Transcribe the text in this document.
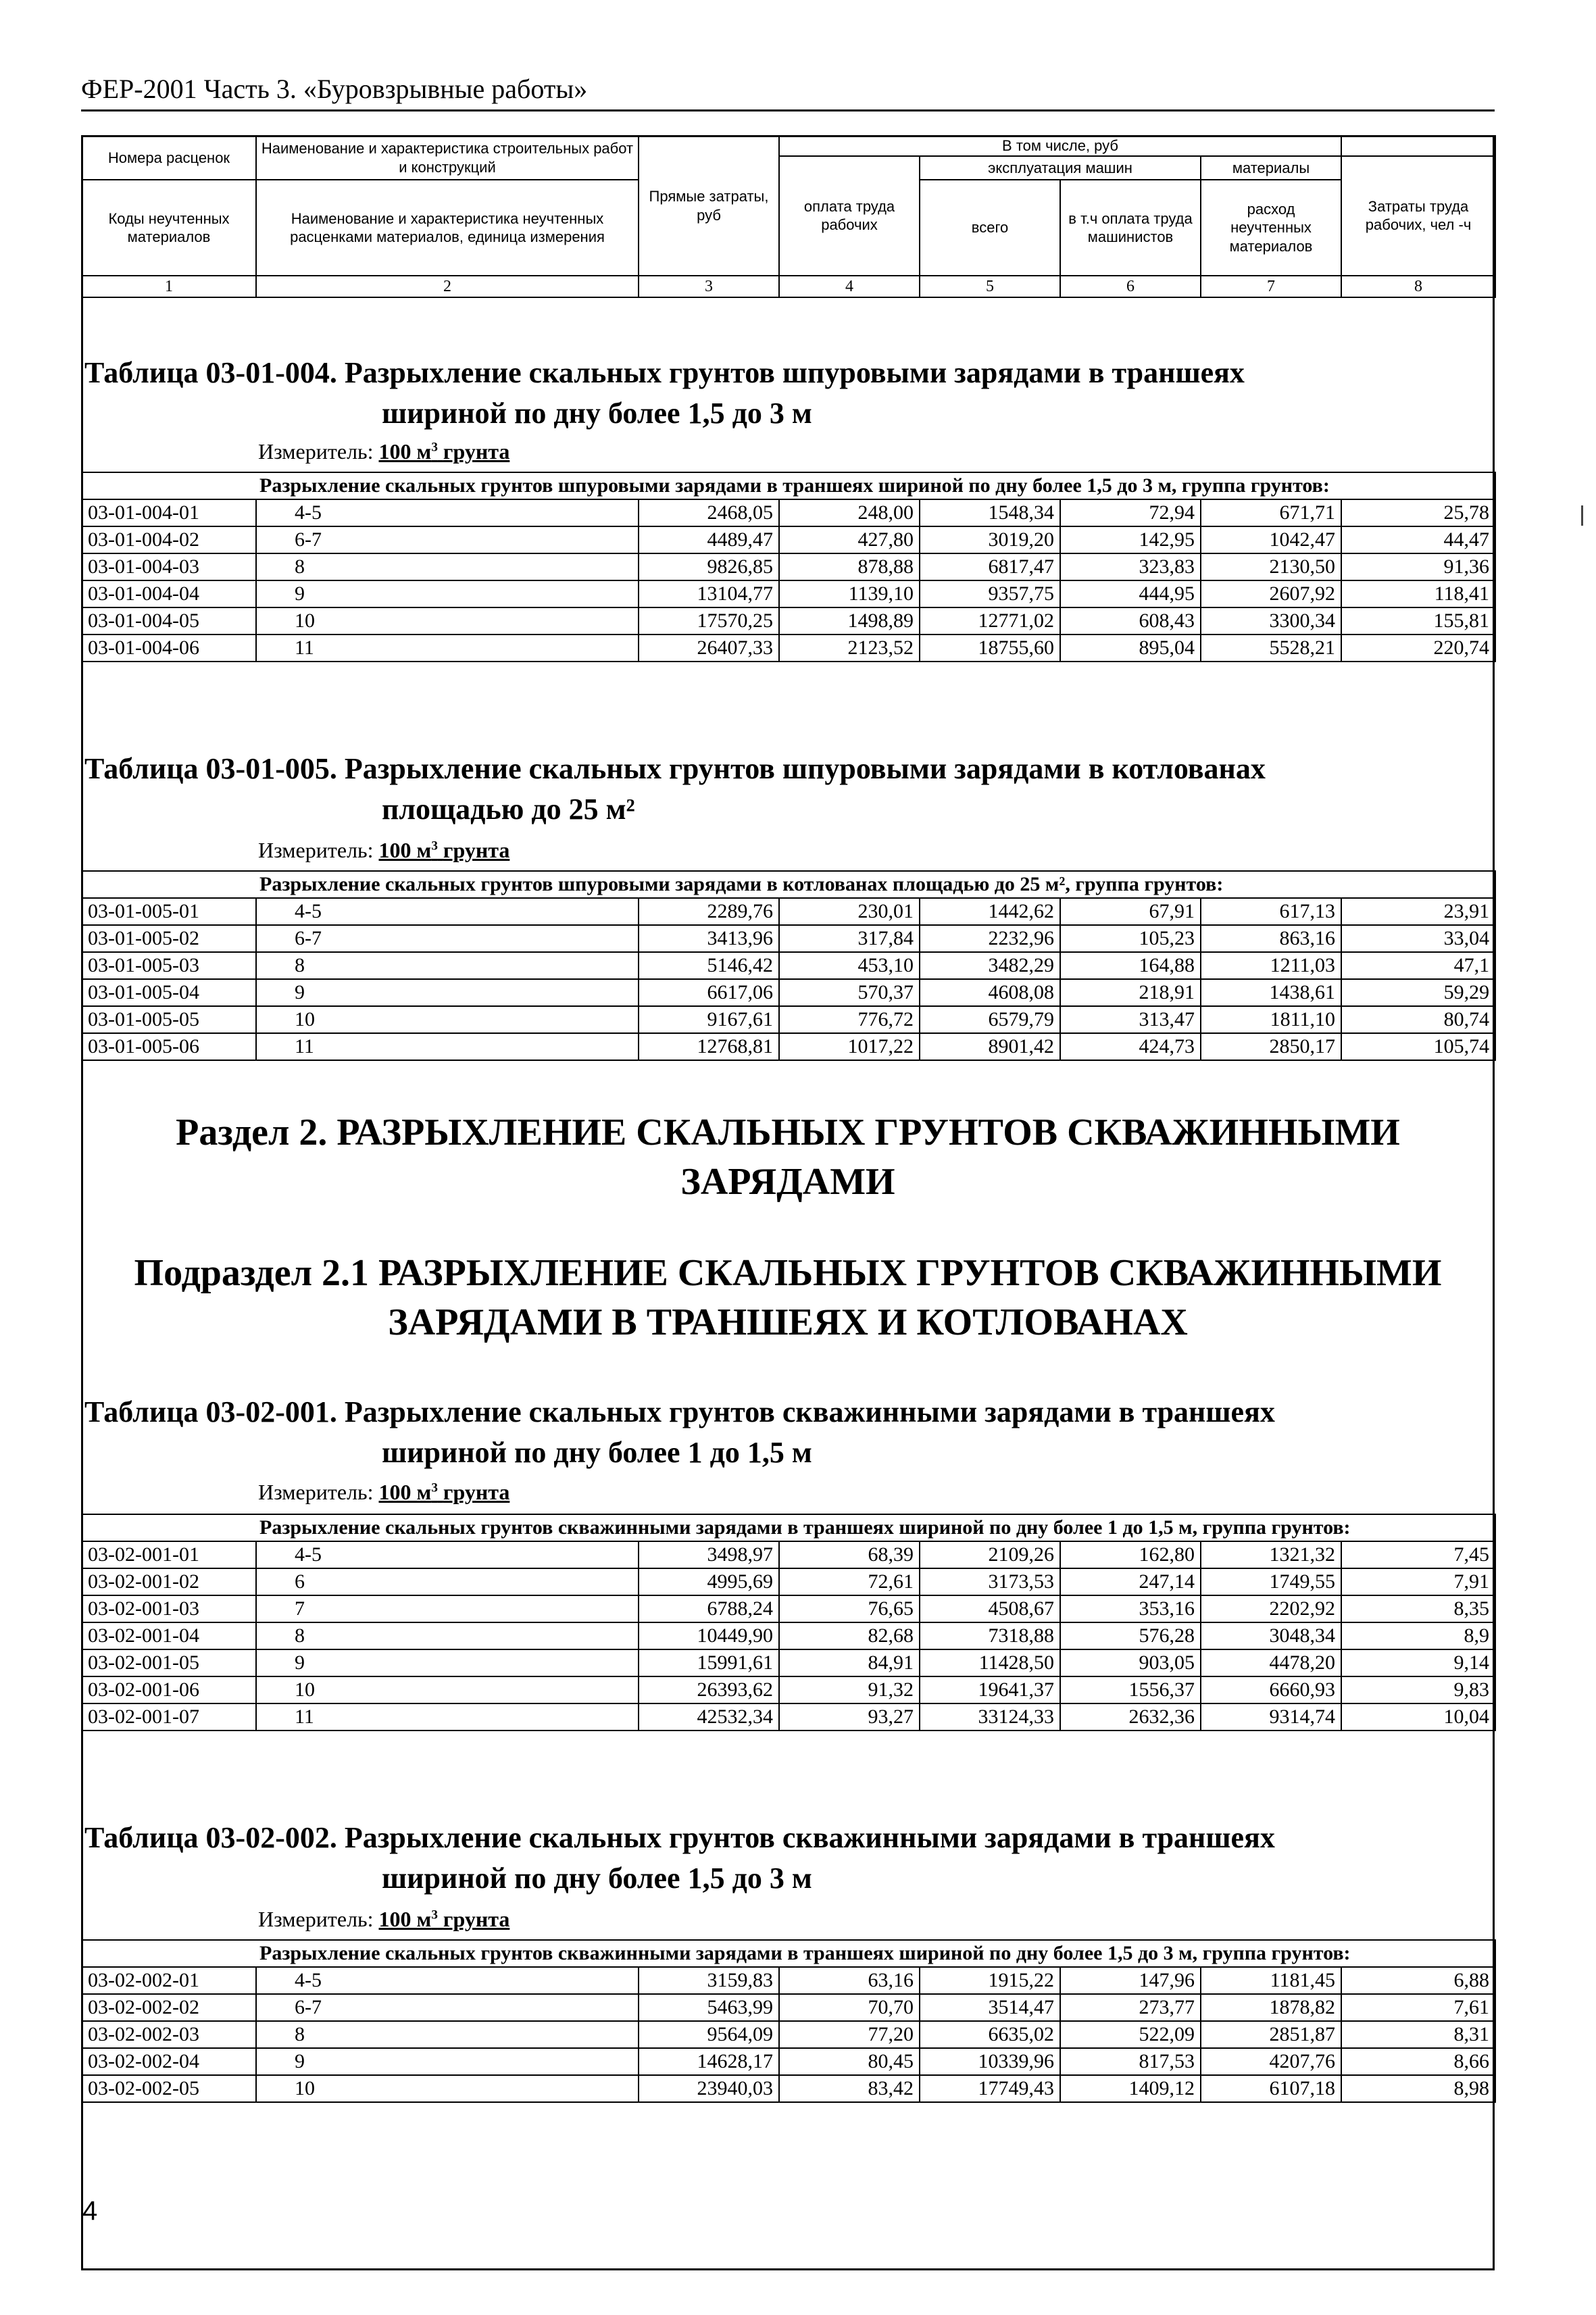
ФЕР-2001 Часть 3. «Буровзрывные работы»
Номера расценок	Наименование и характеристика строительных работ и конструкций	Прямые затраты, руб	В том числе, руб				
			оплата труда рабочих	эксплуатация машин		материалы	Затраты труда рабочих, чел -ч
Коды неучтенных материалов	Наименование и характеристика неучтенных расценками материалов, единица измерения			всего	в т.ч оплата труда машинистов	расход неучтенных материалов	

1	2	3	4	5	6	7	8
Таблица 03-01-004. Разрыхление скальных грунтов шпуровыми зарядами в траншеях
шириной по дну более 1,5 до 3 м
Измеритель: 100 $м^3$ грунта
Разрыхление скальных грунтов шпуровыми зарядами в траншеях шириной по дну более 1,5 до 3 м, группа грунтов:							
03-01-004-01	4-5	2468,05	248,00	1548,34	72,94	671,71	25,78
03-01-004-02	6-7	4489,47	427,80	3019,20	142,95	1042,47	44,47
03-01-004-03	8	9826,85	878,88	6817,47	323,83	2130,50	91,36
03-01-004-04	9	13104,77	1139,10	9357,75	444,95	2607,92	118,41
03-01-004-05	10	17570,25	1498,89	12771,02	608,43	3300,34	155,81
03-01-004-06	11	26407,33	2123,52	18755,60	895,04	5528,21	220,74
Таблица 03-01-005. Разрыхление скальных грунтов шпуровыми зарядами в котлованах
площадью до 25 м²
Измеритель: 100 $м^3$ грунта
Разрыхление скальных грунтов шпуровыми зарядами в котлованах площадью до 25 м², группа грунтов:							
03-01-005-01	4-5	2289,76	230,01	1442,62	67,91	617,13	23,91
03-01-005-02	6-7	3413,96	317,84	2232,96	105,23	863,16	33,04
03-01-005-03	8	5146,42	453,10	3482,29	164,88	1211,03	47,1
03-01-005-04	9	6617,06	570,37	4608,08	218,91	1438,61	59,29
03-01-005-05	10	9167,61	776,72	6579,79	313,47	1811,10	80,74
03-01-005-06	11	12768,81	1017,22	8901,42	424,73	2850,17	105,74
Раздел 2. РАЗРЫХЛЕНИЕ СКАЛЬНЫХ ГРУНТОВ СКВАЖИННЫМИ
ЗАРЯДАМИ
Подраздел 2.1 РАЗРЫХЛЕНИЕ СКАЛЬНЫХ ГРУНТОВ СКВАЖИННЫМИ
ЗАРЯДАМИ В ТРАНШЕЯХ И КОТЛОВАНАХ
Таблица 03-02-001. Разрыхление скальных грунтов скважинными зарядами в траншеях
шириной по дну более 1 до 1,5 м
Измеритель: 100 $м^3$ грунта
Разрыхление скальных грунтов скважинными зарядами в траншеях шириной по дну более 1 до 1,5 м, группа грунтов:							
03-02-001-01	4-5	3498,97	68,39	2109,26	162,80	1321,32	7,45
03-02-001-02	6	4995,69	72,61	3173,53	247,14	1749,55	7,91
03-02-001-03	7	6788,24	76,65	4508,67	353,16	2202,92	8,35
03-02-001-04	8	10449,90	82,68	7318,88	576,28	3048,34	8,9
03-02-001-05	9	15991,61	84,91	11428,50	903,05	4478,20	9,14
03-02-001-06	10	26393,62	91,32	19641,37	1556,37	6660,93	9,83
03-02-001-07	11	42532,34	93,27	33124,33	2632,36	9314,74	10,04
Таблица 03-02-002. Разрыхление скальных грунтов скважинными зарядами в траншеях
шириной по дну более 1,5 до 3 м
Измеритель: 100 $м^3$ грунта
Разрыхление скальных грунтов скважинными зарядами в траншеях шириной по дну более 1,5 до 3 м, группа грунтов:							
03-02-002-01	4-5	3159,83	63,16	1915,22	147,96	1181,45	6,88
03-02-002-02	6-7	5463,99	70,70	3514,47	273,77	1878,82	7,61
03-02-002-03	8	9564,09	77,20	6635,02	522,09	2851,87	8,31
03-02-002-04	9	14628,17	80,45	10339,96	817,53	4207,76	8,66
03-02-002-05	10	23940,03	83,42	17749,43	1409,12	6107,18	8,98
4
